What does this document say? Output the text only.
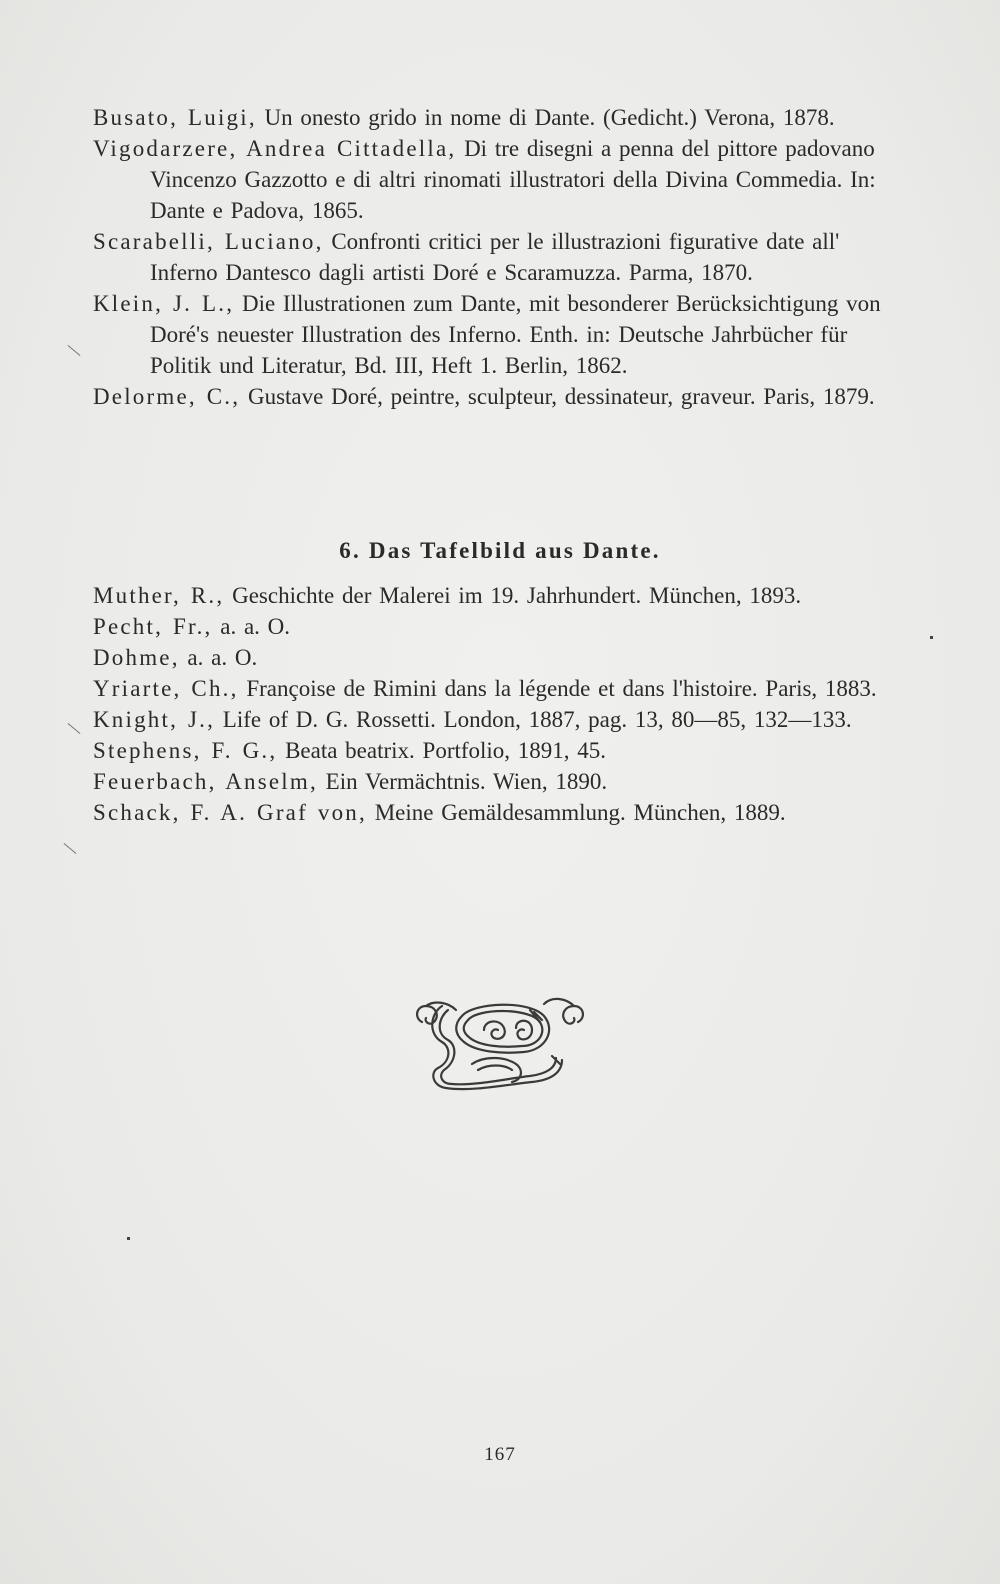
Busato, Luigi, Un onesto grido in nome di Dante. (Gedicht.) Verona, 1878.

Vigodarzere, Andrea Cittadella, Di tre disegni a penna del pittore padovano Vincenzo Gazzotto e di altri rinomati illustratori della Divina Commedia. In: Dante e Padova, 1865.

Scarabelli, Luciano, Confronti critici per le illustrazioni figurative date all' Inferno Dantesco dagli artisti Doré e Scaramuzza. Parma, 1870.

Klein, J. L., Die Illustrationen zum Dante, mit besonderer Berücksichtigung von Doré's neuester Illustration des Inferno. Enth. in: Deutsche Jahrbücher für Politik und Literatur, Bd. III, Heft 1. Berlin, 1862.

Delorme, C., Gustave Doré, peintre, sculpteur, dessinateur, graveur. Paris, 1879.

6. Das Tafelbild aus Dante.

Muther, R., Geschichte der Malerei im 19. Jahrhundert. München, 1893.

Pecht, Fr., a. a. O.

Dohme, a. a. O.

Yriarte, Ch., Françoise de Rimini dans la légende et dans l'histoire. Paris, 1883.

Knight, J., Life of D. G. Rossetti. London, 1887, pag. 13, 80—85, 132—133.

Stephens, F. G., Beata beatrix. Portfolio, 1891, 45.

Feuerbach, Anselm, Ein Vermächtnis. Wien, 1890.

Schack, F. A. Graf von, Meine Gemäldesammlung. München, 1889.

167
